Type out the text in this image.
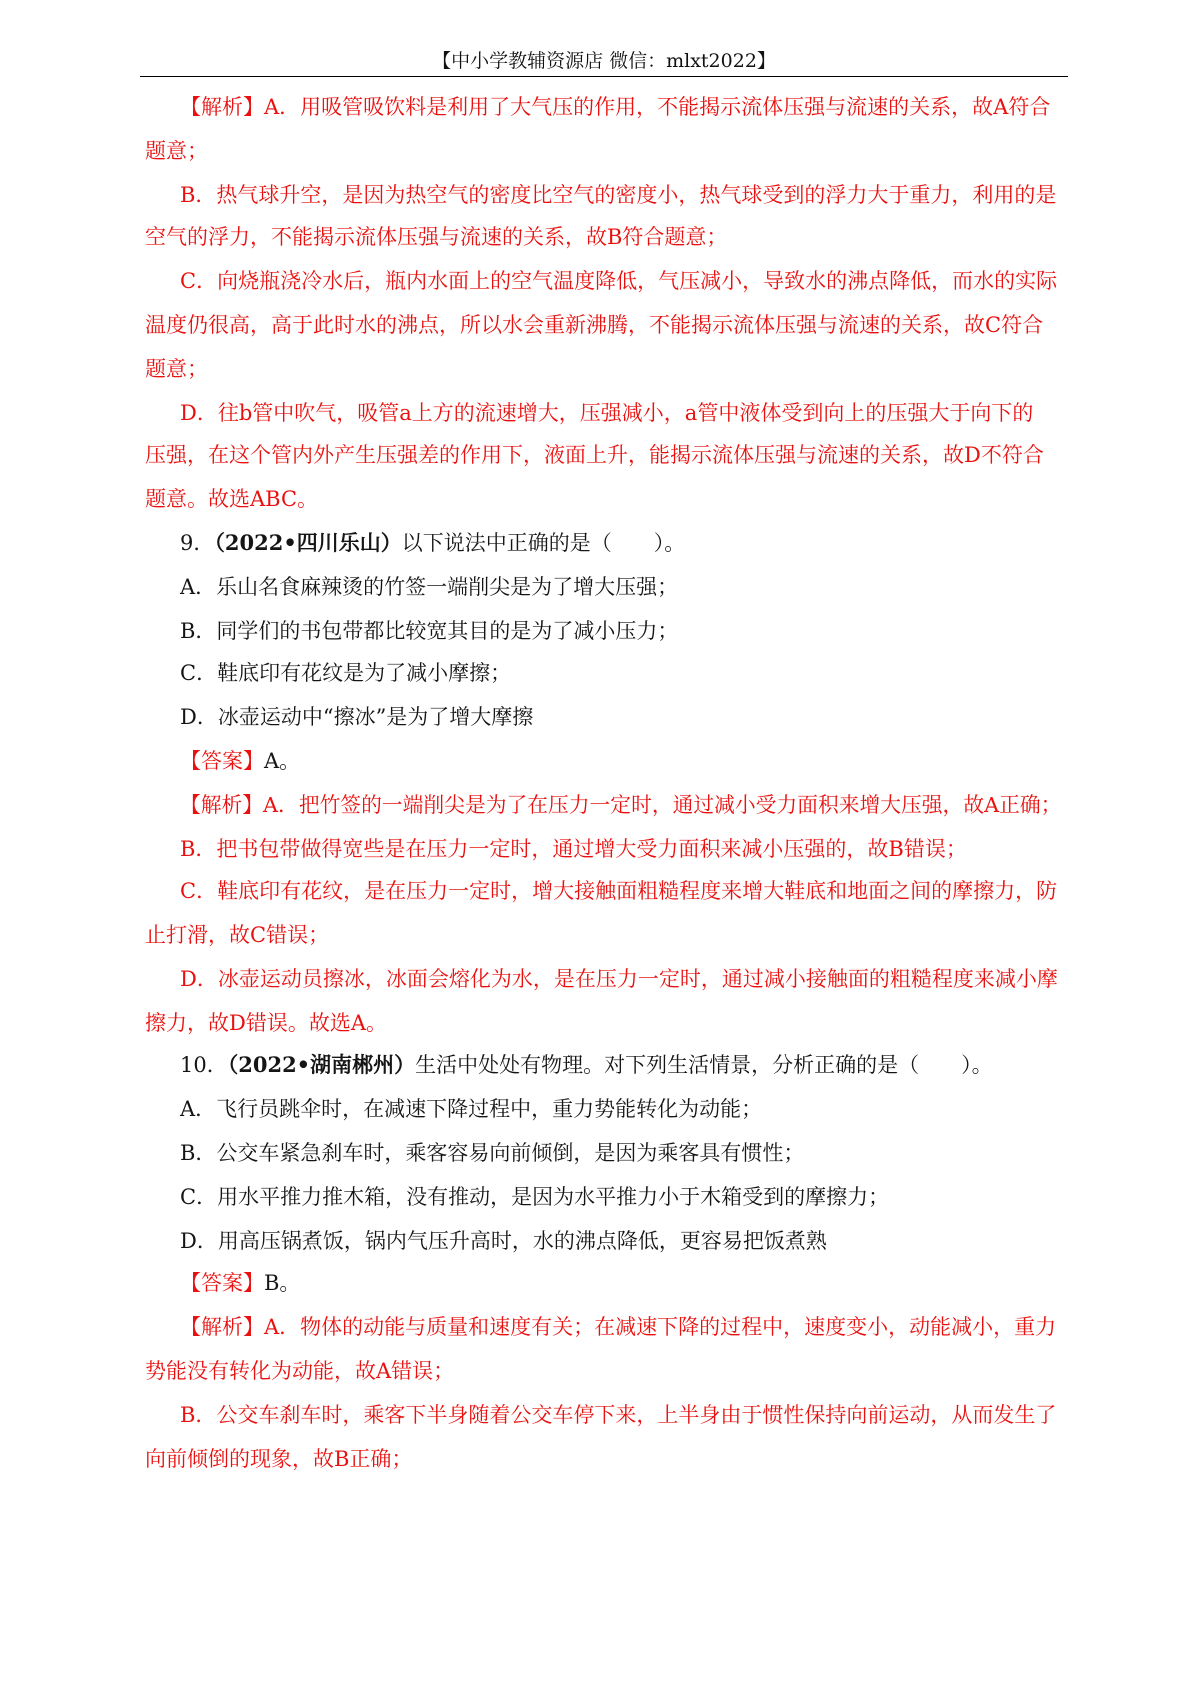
【中小学教辅资源店 微信：mlxt2022】
【解析】A．用吸管吸饮料是利用了大气压的作用，不能揭示流体压强与流速的关系，故A符合
题意；
B．热气球升空，是因为热空气的密度比空气的密度小，热气球受到的浮力大于重力，利用的是
空气的浮力，不能揭示流体压强与流速的关系，故B符合题意；
C．向烧瓶浇冷水后，瓶内水面上的空气温度降低，气压减小，导致水的沸点降低，而水的实际
温度仍很高，高于此时水的沸点，所以水会重新沸腾，不能揭示流体压强与流速的关系，故C符合
题意；
D．往b管中吹气，吸管a上方的流速增大，压强减小，a管中液体受到向上的压强大于向下的
压强，在这个管内外产生压强差的作用下，液面上升，能揭示流体压强与流速的关系，故D不符合
题意。故选ABC。
9．（2022•四川乐山）以下说法中正确的是（　　）。
A．乐山名食麻辣烫的竹签一端削尖是为了增大压强；
B．同学们的书包带都比较宽其目的是为了减小压力；
C．鞋底印有花纹是为了减小摩擦；
D．冰壶运动中“擦冰”是为了增大摩擦
【答案】A。
【解析】A．把竹签的一端削尖是为了在压力一定时，通过减小受力面积来增大压强，故A正确；
B．把书包带做得宽些是在压力一定时，通过增大受力面积来减小压强的，故B错误；
C．鞋底印有花纹，是在压力一定时，增大接触面粗糙程度来增大鞋底和地面之间的摩擦力，防
止打滑，故C错误；
D．冰壶运动员擦冰，冰面会熔化为水，是在压力一定时，通过减小接触面的粗糙程度来减小摩
擦力，故D错误。故选A。
10．（2022•湖南郴州）生活中处处有物理。对下列生活情景，分析正确的是（　　）。
A．飞行员跳伞时，在减速下降过程中，重力势能转化为动能；
B．公交车紧急刹车时，乘客容易向前倾倒，是因为乘客具有惯性；
C．用水平推力推木箱，没有推动，是因为水平推力小于木箱受到的摩擦力；
D．用高压锅煮饭，锅内气压升高时，水的沸点降低，更容易把饭煮熟
【答案】B。
【解析】A．物体的动能与质量和速度有关；在减速下降的过程中，速度变小，动能减小，重力
势能没有转化为动能，故A错误；
B．公交车刹车时，乘客下半身随着公交车停下来，上半身由于惯性保持向前运动，从而发生了
向前倾倒的现象，故B正确；
